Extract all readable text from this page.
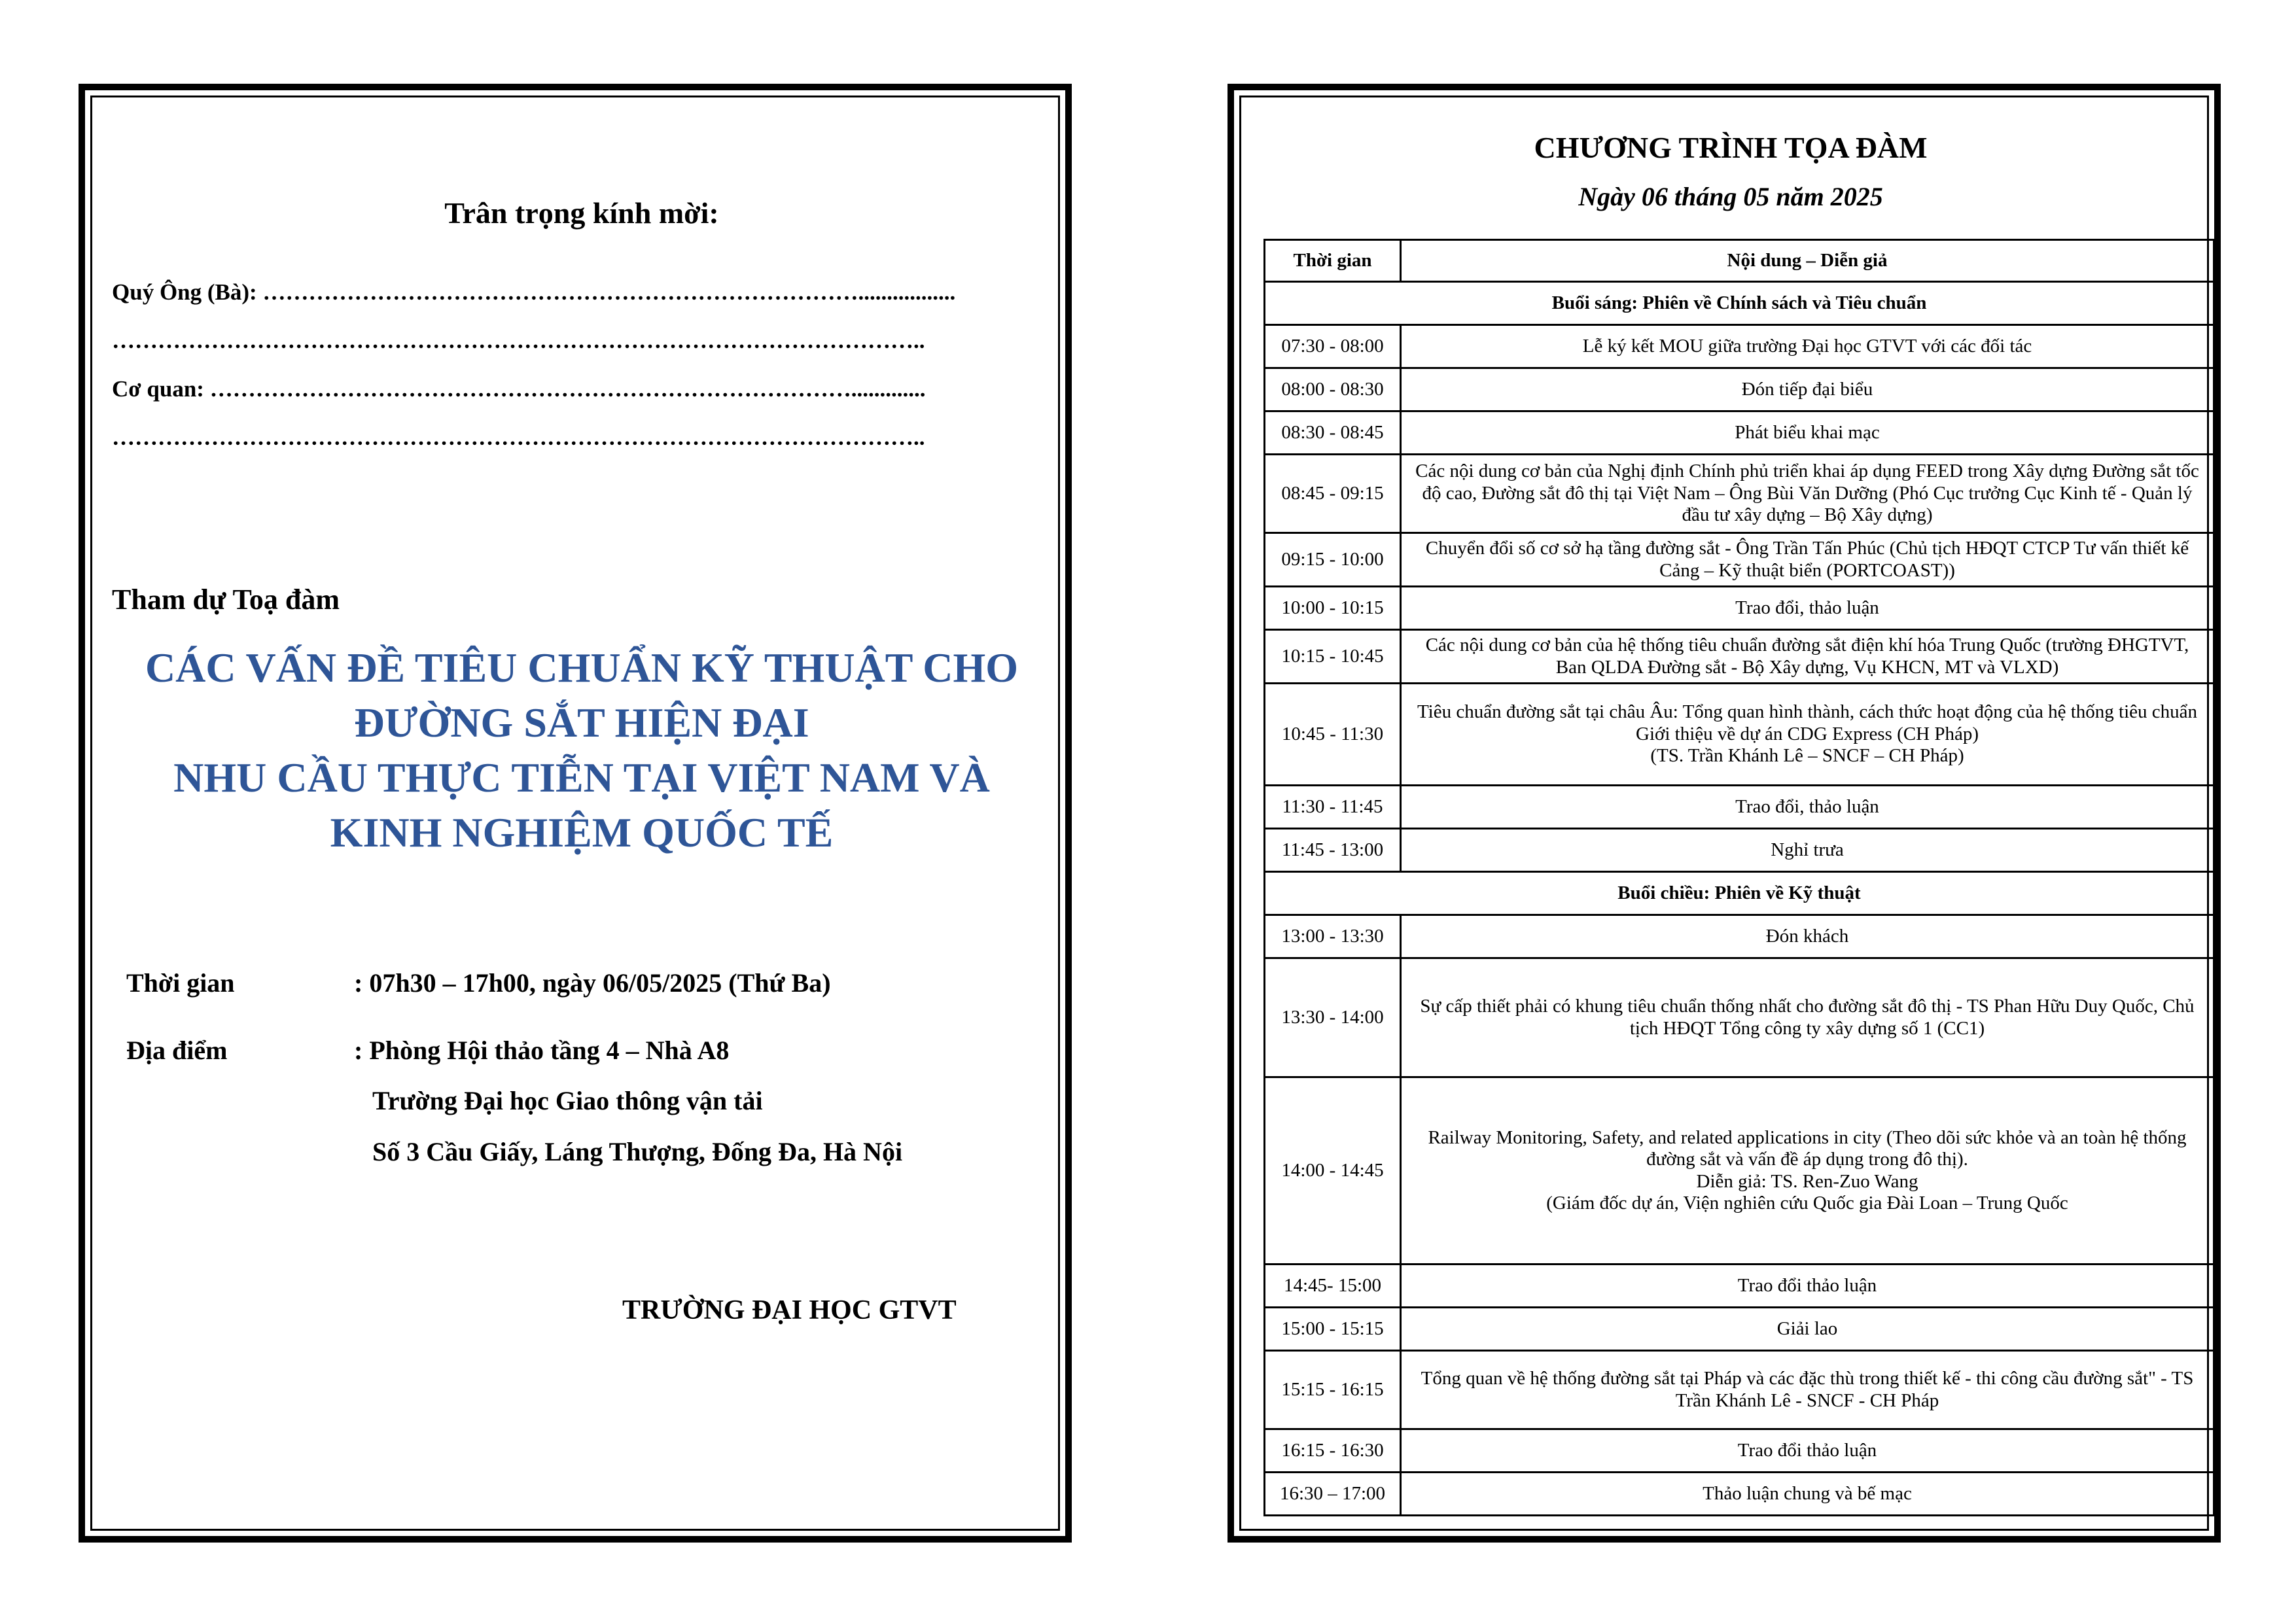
Trân trọng kính mời:
Quý Ông (Bà): …………………………………………………………………….................
……………………………………………………………………………………………..
Cơ quan: ………………………………………………………………………….............
……………………………………………………………………………………………..
Tham dự Toạ đàm
CÁC VẤN ĐỀ TIÊU CHUẨN KỸ THUẬT CHO
ĐƯỜNG SẮT HIỆN ĐẠI
NHU CẦU THỰC TIỄN TẠI VIỆT NAM VÀ
KINH NGHIỆM QUỐC TẾ
Thời gian	: 07h30 – 17h00, ngày 06/05/2025 (Thứ Ba)
Địa điểm	: Phòng Hội thảo tầng 4 – Nhà A8
Trường Đại học Giao thông vận tải
Số 3 Cầu Giấy, Láng Thượng, Đống Đa, Hà Nội
TRƯỜNG ĐẠI HỌC GTVT
CHƯƠNG TRÌNH TỌA ĐÀM
Ngày 06 tháng 05 năm 2025
Thời gian	Nội dung – Diễn giả
Buổi sáng: Phiên về Chính sách và Tiêu chuẩn	
07:30 - 08:00	Lễ ký kết MOU giữa trường Đại học GTVT với các đối tác

08:00 - 08:30	Đón tiếp đại biểu

08:30 - 08:45	Phát biểu khai mạc

08:45 - 09:15	Các nội dung cơ bản của Nghị định Chính phủ triển khai áp dụng FEED trong Xây dựng Đường sắt tốc độ cao, Đường sắt đô thị tại Việt Nam – Ông Bùi Văn Dưỡng (Phó Cục trưởng Cục Kinh tế - Quản lý đầu tư xây dựng – Bộ Xây dựng)

09:15 - 10:00	Chuyển đổi số cơ sở hạ tầng đường sắt - Ông Trần Tấn Phúc (Chủ tịch HĐQT CTCP Tư vấn thiết kế Cảng – Kỹ thuật biển (PORTCOAST))

10:00 - 10:15	Trao đổi, thảo luận

10:15 - 10:45	Các nội dung cơ bản của hệ thống tiêu chuẩn đường sắt điện khí hóa Trung Quốc (trường ĐHGTVT, Ban QLDA Đường sắt - Bộ Xây dựng, Vụ KHCN, MT và VLXD)

10:45 - 11:30	Tiêu chuẩn đường sắt tại châu Âu: Tổng quan hình thành, cách thức hoạt động của hệ thống tiêu chuẩn
Giới thiệu về dự án CDG Express (CH Pháp)
(TS. Trần Khánh Lê – SNCF – CH Pháp)

11:30 - 11:45	Trao đổi, thảo luận

11:45 - 13:00	Nghỉ trưa

Buổi chiều: Phiên về Kỹ thuật	
13:00 - 13:30	Đón khách

13:30 - 14:00	Sự cấp thiết phải có khung tiêu chuẩn thống nhất cho đường sắt đô thị - TS Phan Hữu Duy Quốc, Chủ tịch HĐQT Tổng công ty xây dựng số 1 (CC1)

14:00 - 14:45	Railway Monitoring, Safety, and related applications in city (Theo dõi sức khỏe và an toàn hệ thống đường sắt và vấn đề áp dụng trong đô thị).
Diễn giả: TS. Ren-Zuo Wang
(Giám đốc dự án, Viện nghiên cứu Quốc gia Đài Loan – Trung Quốc

14:45- 15:00	Trao đổi thảo luận

15:00 - 15:15	Giải lao

15:15 - 16:15	Tổng quan về hệ thống đường sắt tại Pháp và các đặc thù trong thiết kế - thi công cầu đường sắt" - TS Trần Khánh Lê - SNCF - CH Pháp

16:15 - 16:30	Trao đổi thảo luận

16:30 – 17:00	Thảo luận chung và bế mạc
